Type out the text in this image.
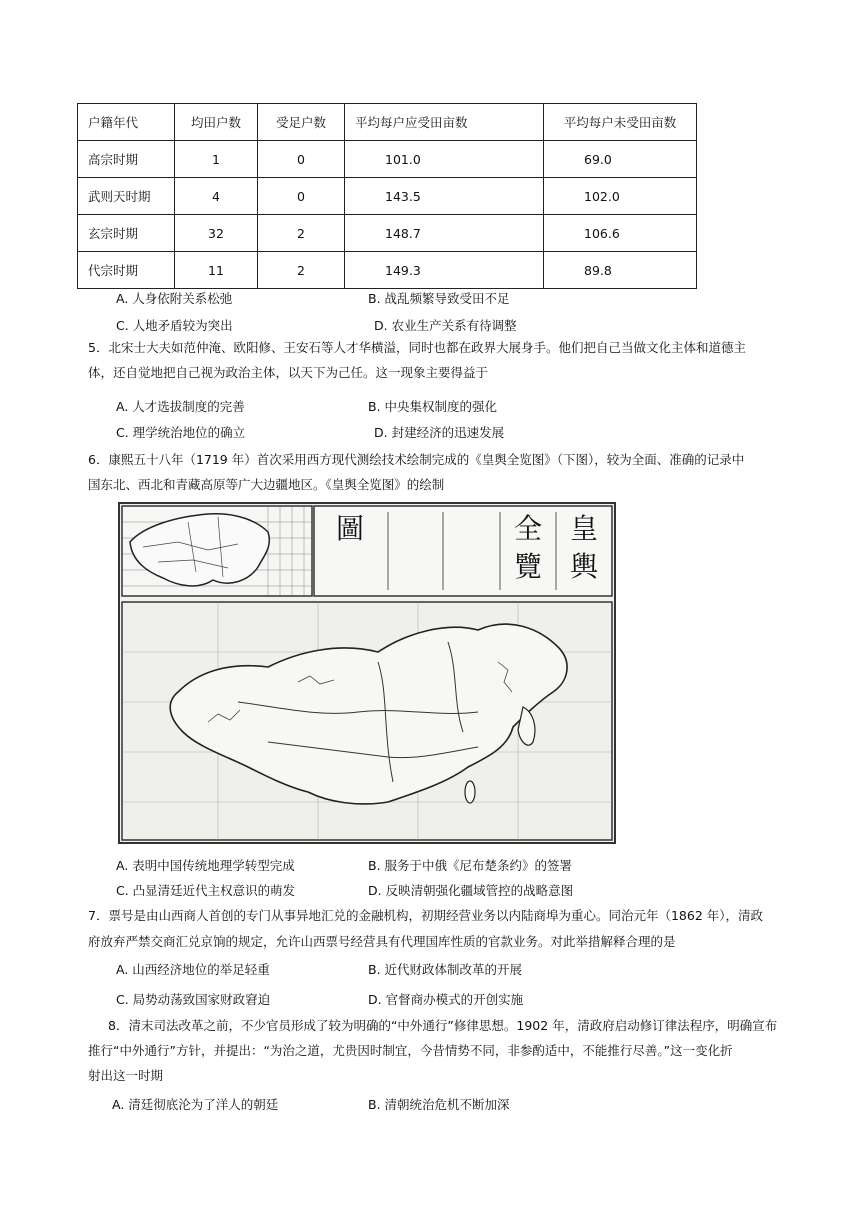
户籍年代	均田户数	受足户数	平均每户应受田亩数	平均每户未受田亩数
高宗时期	1	0	101.0	69.0
武则天时期	4	0	143.5	102.0
玄宗时期	32	2	148.7	106.6
代宗时期	11	2	149.3	89.8
A. 人身依附关系松弛	B. 战乱频繁导致受田不足
C. 人地矛盾较为突出	D. 农业生产关系有待调整
5．北宋士大夫如范仲淹、欧阳修、王安石等人才华横溢，同时也都在政界大展身手。他们把自己当做文化主体和道德主
体，还自觉地把自己视为政治主体，以天下为己任。这一现象主要得益于
A. 人才选拔制度的完善	B. 中央集权制度的强化
C. 理学统治地位的确立	D. 封建经济的迅速发展
6．康熙五十八年（1719 年）首次采用西方现代测绘技术绘制完成的《皇舆全览图》（下图），较为全面、准确的记录中
国东北、西北和青藏高原等广大边疆地区。《皇舆全览图》的绘制
皇
輿
全
覽
圖
A. 表明中国传统地理学转型完成	B. 服务于中俄《尼布楚条约》的签署
C. 凸显清廷近代主权意识的萌发	D. 反映清朝强化疆域管控的战略意图
7．票号是由山西商人首创的专门从事异地汇兑的金融机构，初期经营业务以内陆商埠为重心。同治元年（1862 年），清政
府放弃严禁交商汇兑京饷的规定，允许山西票号经营具有代理国库性质的官款业务。对此举措解释合理的是
A. 山西经济地位的举足轻重	B. 近代财政体制改革的开展
C. 局势动荡致国家财政窘迫	D. 官督商办模式的开创实施
8．清末司法改革之前，不少官员形成了较为明确的“中外通行”修律思想。1902 年，清政府启动修订律法程序，明确宣布
推行“中外通行”方针，并提出：“为治之道，尤贵因时制宜，今昔情势不同，非参酌适中，不能推行尽善。”这一变化折
射出这一时期
A. 清廷彻底沦为了洋人的朝廷	B. 清朝统治危机不断加深
